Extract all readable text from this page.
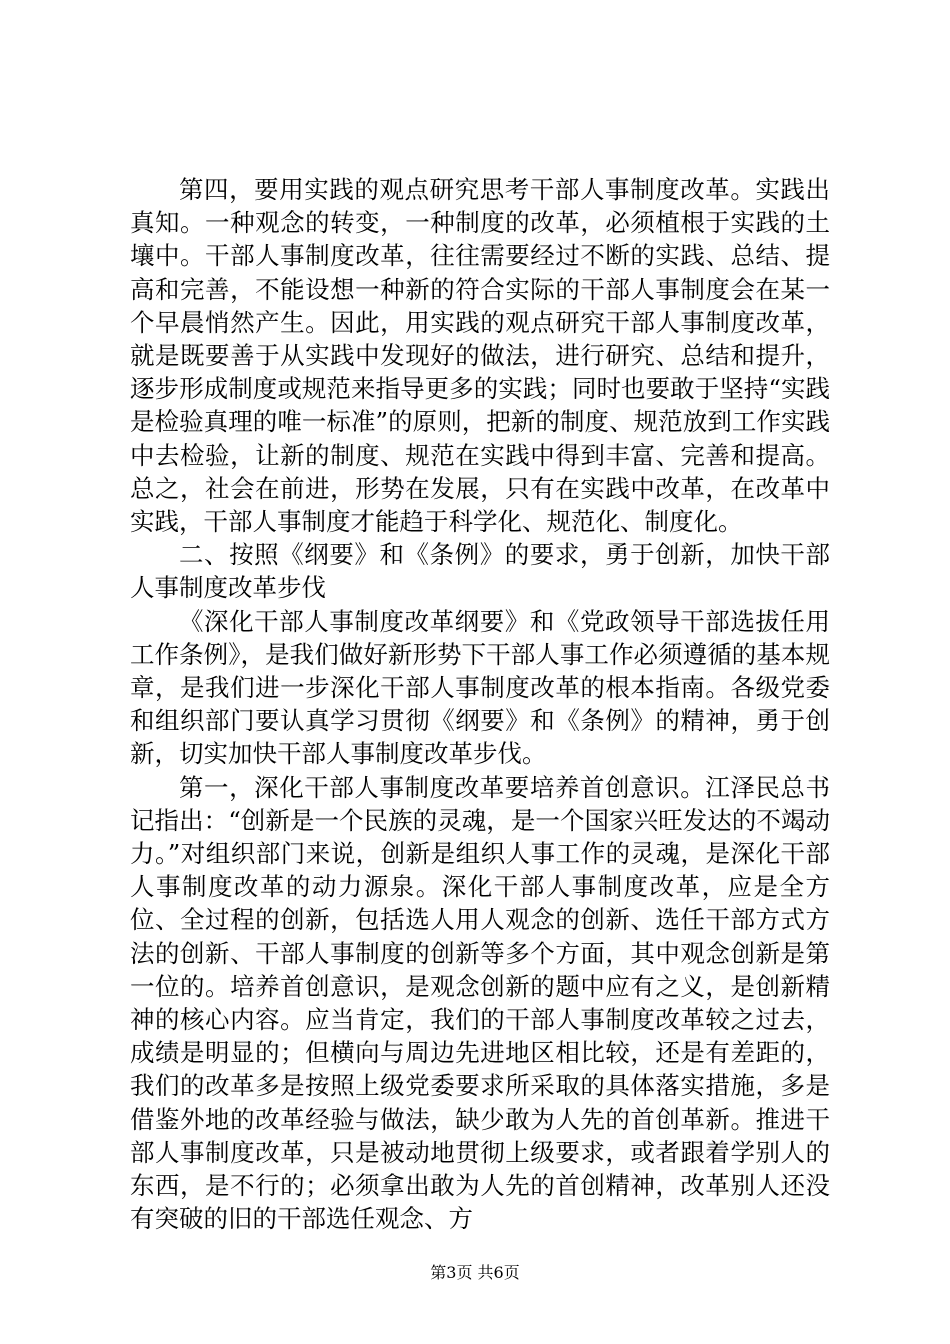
第四，要用实践的观点研究思考干部人事制度改革。实践出真知。一种观念的转变，一种制度的改革，必须植根于实践的土壤中。干部人事制度改革，往往需要经过不断的实践、总结、提高和完善，不能设想一种新的符合实际的干部人事制度会在某一个早晨悄然产生。因此，用实践的观点研究干部人事制度改革，就是既要善于从实践中发现好的做法，进行研究、总结和提升，逐步形成制度或规范来指导更多的实践；同时也要敢于坚持“实践是检验真理的唯一标准”的原则，把新的制度、规范放到工作实践中去检验，让新的制度、规范在实践中得到丰富、完善和提高。总之，社会在前进，形势在发展，只有在实践中改革，在改革中实践，干部人事制度才能趋于科学化、规范化、制度化。

二、按照《纲要》和《条例》的要求，勇于创新，加快干部人事制度改革步伐

《深化干部人事制度改革纲要》和《党政领导干部选拔任用工作条例》，是我们做好新形势下干部人事工作必须遵循的基本规章，是我们进一步深化干部人事制度改革的根本指南。各级党委和组织部门要认真学习贯彻《纲要》和《条例》的精神，勇于创新，切实加快干部人事制度改革步伐。

第一，深化干部人事制度改革要培养首创意识。江泽民总书记指出：“创新是一个民族的灵魂，是一个国家兴旺发达的不竭动力。”对组织部门来说，创新是组织人事工作的灵魂，是深化干部人事制度改革的动力源泉。深化干部人事制度改革，应是全方位、全过程的创新，包括选人用人观念的创新、选任干部方式方法的创新、干部人事制度的创新等多个方面，其中观念创新是第一位的。培养首创意识，是观念创新的题中应有之义，是创新精神的核心内容。应当肯定，我们的干部人事制度改革较之过去，成绩是明显的；但横向与周边先进地区相比较，还是有差距的，我们的改革多是按照上级党委要求所采取的具体落实措施，多是借鉴外地的改革经验与做法，缺少敢为人先的首创革新。推进干部人事制度改革，只是被动地贯彻上级要求，或者跟着学别人的东西，是不行的；必须拿出敢为人先的首创精神，改革别人还没有突破的旧的干部选任观念、方

第3页 共6页
